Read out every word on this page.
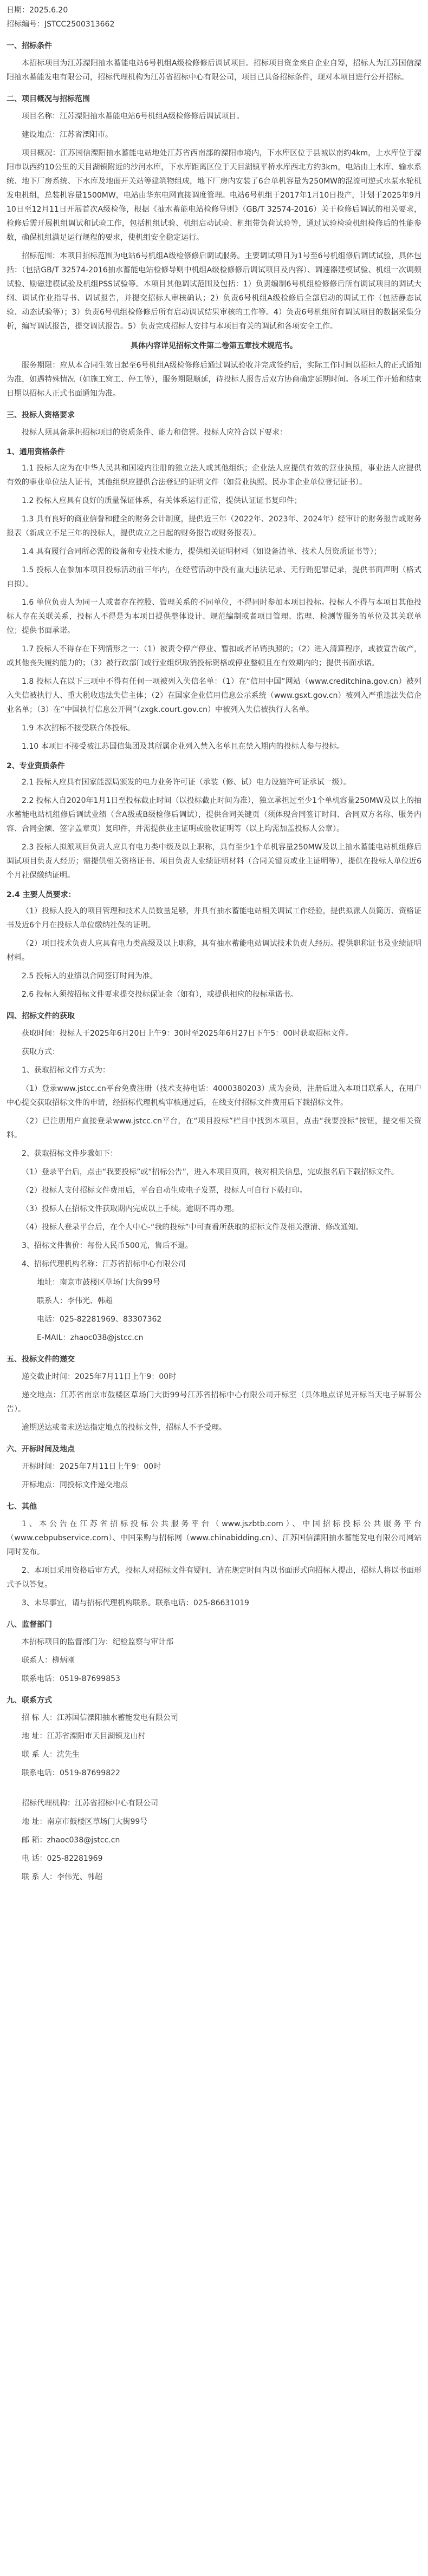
日期：2025.6.20
招标编号：JSTCC2500313662
一、招标条件

本招标项目为江苏溧阳抽水蓄能电站6号机组A级检修修后调试项目。招标项目资金来自企业自筹，招标人为江苏国信溧阳抽水蓄能发电有限公司，招标代理机构为江苏省招标中心有限公司，项目已具备招标条件，现对本项目进行公开招标。

二、项目概况与招标范围

项目名称：江苏溧阳抽水蓄能电站6号机组A级检修修后调试项目。

建设地点：江苏省溧阳市。

项目概况：江苏国信溧阳抽水蓄能电站地处江苏省西南部的溧阳市境内，下水库区位于县城以南约4km，上水库位于溧阳市以西约10公里的天目湖镇附近的沙河水库，下水库距离区位于天目湖镇平桥水库西北方约3km，电站由上水库、输水系统、地下厂房系统、下水库及地面开关站等建筑物组成，地下厂房内安装了6台单机容量为250MW的混流可逆式水泵水轮机发电机组，总装机容量1500MW，电站由华东电网直接调度管理。电站6号机组于2017年1月10日投产，计划于2025年9月10日至12月11日开展首次A级检修，根据《抽水蓄能电站检修导则》（GB/T 32574-2016）关于检修后调试的相关要求，检修后需开展机组调试和试验工作，包括机组试验、机组启动试验、机组带负荷试验等，通过试验检验机组检修后的性能参数，确保机组满足运行规程的要求，使机组安全稳定运行。

招标范围：本项目招标范围为电站6号机组A级检修修后调试服务。主要调试项目为1号至6号机组修后调试试验，具体包括：（包括GB/T 32574-2016抽水蓄能电站检修导则中机组A级检修修后调试项目及内容）、调速器建模试验、机组一次调频试验、励磁建模试验及机组PSS试验等。本项目其他调试范围及包括：1）负责编制6号机组检修修后所有调试项目的调试大纲、调试作业指导书、调试报告，并提交招标人审核确认；2）负责6号机组A级检修后全部启动的调试工作（包括静态试验、动态试验等）；3）负责6号机组检修修后所有启动调试结果审核的工作等。4）负责6号机组所有调试项目的数据采集分析，编写调试报告，提交调试报告。5）负责完成招标人安排与本项目有关的调试和各项安全工作。

具体内容详见招标文件第二卷第五章技术规范书。

服务期限：应从本合同生效日起至6号机组A级检修修后通过调试验收并完成签约后，实际工作时间以招标人的正式通知为准，如遇特殊情况（如施工窝工、停工等），服务期限顺延，待投标人报告后双方协商确定延期时间。各项工作开始和结束日期以招标人正式书面通知为准。

三、投标人资格要求

投标人须具备承担招标项目的资质条件、能力和信誉。投标人应符合以下要求：

1、通用资格条件

1.1 投标人应为在中华人民共和国境内注册的独立法人或其他组织；企业法人应提供有效的营业执照，事业法人应提供有效的事业单位法人证书，其他组织应提供合法登记的证明文件（如营业执照、民办非企业单位登记证书）。

1.2 投标人应具有良好的质量保证体系，有关体系运行正常，提供认证证书复印件；

1.3 具有良好的商业信誉和健全的财务会计制度，提供近三年（2022年、2023年、2024年）经审计的财务报告或财务报表（新成立不足三年的投标人，提供成立之日起的财务报告或财务报表）。

1.4 具有履行合同所必需的设备和专业技术能力，提供相关证明材料（如设备清单、技术人员资质证书等）；

1.5 投标人在参加本项目投标活动前三年内，在经营活动中没有重大违法记录、无行贿犯罪记录，提供书面声明（格式自拟）。

1.6 单位负责人为同一人或者存在控股、管理关系的不同单位，不得同时参加本项目投标。投标人不得与本项目其他投标人存在关联关系，投标人不得是为本项目提供整体设计、规范编制或者项目管理、监理、检测等服务的单位及其关联单位；提供书面承诺。

1.7 投标人不得存在下列情形之一：（1）被责令停产停业、暂扣或者吊销执照的；（2）进入清算程序，或被宣告破产，或其他丧失履约能力的；（3）被行政部门或行业组织取消投标资格或停业整顿且在有效期内的；提供书面承诺。

1.8 投标人在以下三项中不得有任何一项被列入失信名单：（1）在“信用中国”网站（www.creditchina.gov.cn）被列入失信被执行人、重大税收违法失信主体；（2）在国家企业信用信息公示系统（www.gsxt.gov.cn）被列入严重违法失信企业名单；（3）在“中国执行信息公开网”（zxgk.court.gov.cn）中被列入失信被执行人名单。

1.9 本次招标不接受联合体投标。

1.10 本项目不接受被江苏国信集团及其所属企业列入禁入名单且在禁入期内的投标人参与投标。

2、专业资质条件

2.1 投标人应具有国家能源局颁发的电力业务许可证（承装（修、试）电力设施许可证承试一级）。

2.2 投标人自2020年1月1日至投标截止时间（以投标截止时间为准），独立承担过至少1个单机容量250MW及以上的抽水蓄能电站机组修后调试业绩（含A级或B级检修后调试），提供合同关键页（须体现合同签订时间、合同双方名称、服务内容、合同金额、签字盖章页）复印件，并需提供业主证明或验收证明等（以上均需加盖投标人公章）。

2.3 投标人拟派项目负责人应具有电力类中级及以上职称，具有至少1个单机容量250MW及以上抽水蓄能电站机组修后调试项目负责人经历；需提供相关资格证书、项目负责人业绩证明材料（合同关键页或业主证明等），提供在投标人单位近6个月社保缴纳证明。

2.4 主要人员要求：

（1）投标人投入的项目管理和技术人员数量足够，并具有抽水蓄能电站相关调试工作经验，提供拟派人员简历、资格证书及近6个月在投标人单位缴纳社保的证明。

（2）项目技术负责人应具有电力类高级及以上职称，具有抽水蓄能电站调试技术负责人经历。提供职称证书及业绩证明材料。

2.5 投标人的业绩以合同签订时间为准。

2.6 投标人须按招标文件要求提交投标保证金（如有），或提供相应的投标承诺书。

四、招标文件的获取

获取时间：投标人于2025年6月20日上午9：30时至2025年6月27日下午5：00时获取招标文件。

获取方式：

1、获取招标文件方式为：

（1）登录www.jstcc.cn平台免费注册（技术支持电话：4000380203）成为会员，注册后进入本项目联系人，在用户中心提交获取招标文件的申请，经招标代理机构审核通过后，在线支付招标文件费用后下载招标文件。

（2）已注册用户直接登录www.jstcc.cn平台，在“项目投标”栏目中找到本项目，点击“我要投标”按钮，提交相关资料。

2、获取招标文件步骤如下：

（1）登录平台后，点击“我要投标”或“招标公告”，进入本项目页面，核对相关信息，完成报名后下载招标文件。

（2）投标人支付招标文件费用后，平台自动生成电子发票，投标人可自行下载打印。

（3）投标人在招标文件获取期内完成以上手续。逾期不再办理。

（4）投标人登录平台后，在个人中心-“我的投标”中可查看所获取的招标文件及相关澄清、修改通知。

3、招标文件售价：每份人民币500元，售后不退。

4、招标代理机构名称：江苏省招标中心有限公司

地址：南京市鼓楼区草场门大街99号

联系人：李伟光、韩超

电话：025-82281969、83307362

E-MAIL：zhaoc038@jstcc.cn

五、投标文件的递交

递交截止时间：2025年7月11日上午9：00时

递交地点：江苏省南京市鼓楼区草场门大街99号江苏省招标中心有限公司开标室（具体地点详见开标当天电子屏幕公告）。

逾期送达或者未送达指定地点的投标文件，招标人不予受理。

六、开标时间及地点

开标时间：2025年7月11日上午9：00时

开标地点：同投标文件递交地点

七、其他

1、本公告在江苏省招标投标公共服务平台（www.jszbtb.com）、中国招标投标公共服务平台（www.cebpubservice.com）、中国采购与招标网（www.chinabidding.cn）、江苏国信溧阳抽水蓄能发电有限公司网站同时发布。

2、本项目采用资格后审方式，投标人对招标文件有疑问，请在规定时间内以书面形式向招标人提出，招标人将以书面形式予以答复。

3、未尽事宜，请与招标代理机构联系。联系电话：025-86631019

八、监督部门

本招标项目的监督部门为：纪检监察与审计部

联系人：柳炳刚

联系电话：0519-87699853

九、联系方式

招 标 人：江苏国信溧阳抽水蓄能发电有限公司

地 址：江苏省溧阳市天目湖镇龙山村

联 系 人：沈先生

联系电话：0519-87699822

招标代理机构：江苏省招标中心有限公司

地 址：南京市鼓楼区草场门大街99号

邮 箱：zhaoc038@jstcc.cn

电 话：025-82281969

联 系 人：李伟光、韩超
